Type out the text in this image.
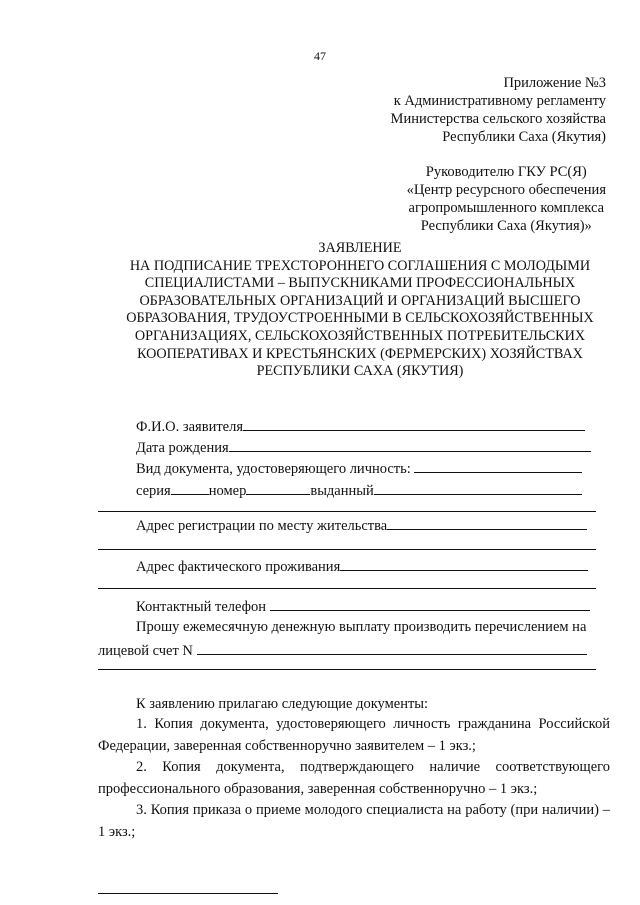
47
Приложение №3
к Административному регламенту
Министерства сельского хозяйства
Республики Саха (Якутия)
Руководителю ГКУ РС(Я)
«Центр ресурсного обеспечения
агропромышленного комплекса
Республики Саха (Якутия)»
ЗАЯВЛЕНИЕ
НА ПОДПИСАНИЕ ТРЕХСТОРОННЕГО СОГЛАШЕНИЯ С МОЛОДЫМИ
СПЕЦИАЛИСТАМИ – ВЫПУСКНИКАМИ ПРОФЕССИОНАЛЬНЫХ
ОБРАЗОВАТЕЛЬНЫХ ОРГАНИЗАЦИЙ И ОРГАНИЗАЦИЙ ВЫСШЕГО
ОБРАЗОВАНИЯ, ТРУДОУСТРОЕННЫМИ В СЕЛЬСКОХОЗЯЙСТВЕННЫХ
ОРГАНИЗАЦИЯХ, СЕЛЬСКОХОЗЯЙСТВЕННЫХ ПОТРЕБИТЕЛЬСКИХ
КООПЕРАТИВАХ И КРЕСТЬЯНСКИХ (ФЕРМЕРСКИХ) ХОЗЯЙСТВАХ
РЕСПУБЛИКИ САХА (ЯКУТИЯ)
Ф.И.О. заявителя
Дата рождения
Вид документа, удостоверяющего личность:
серия	номер	выданный
Адрес регистрации по месту жительства
Адрес фактического проживания
Контактный телефон
Прошу ежемесячную денежную выплату производить перечислением на
лицевой счет N
К заявлению прилагаю следующие документы:
1. Копия документа, удостоверяющего личность гражданина Российской Федерации, заверенная собственноручно заявителем – 1 экз.;
2. Копия документа, подтверждающего наличие соответствующего профессионального образования, заверенная собственноручно – 1 экз.;
3. Копия приказа о приеме молодого специалиста на работу (при наличии) – 1 экз.;
